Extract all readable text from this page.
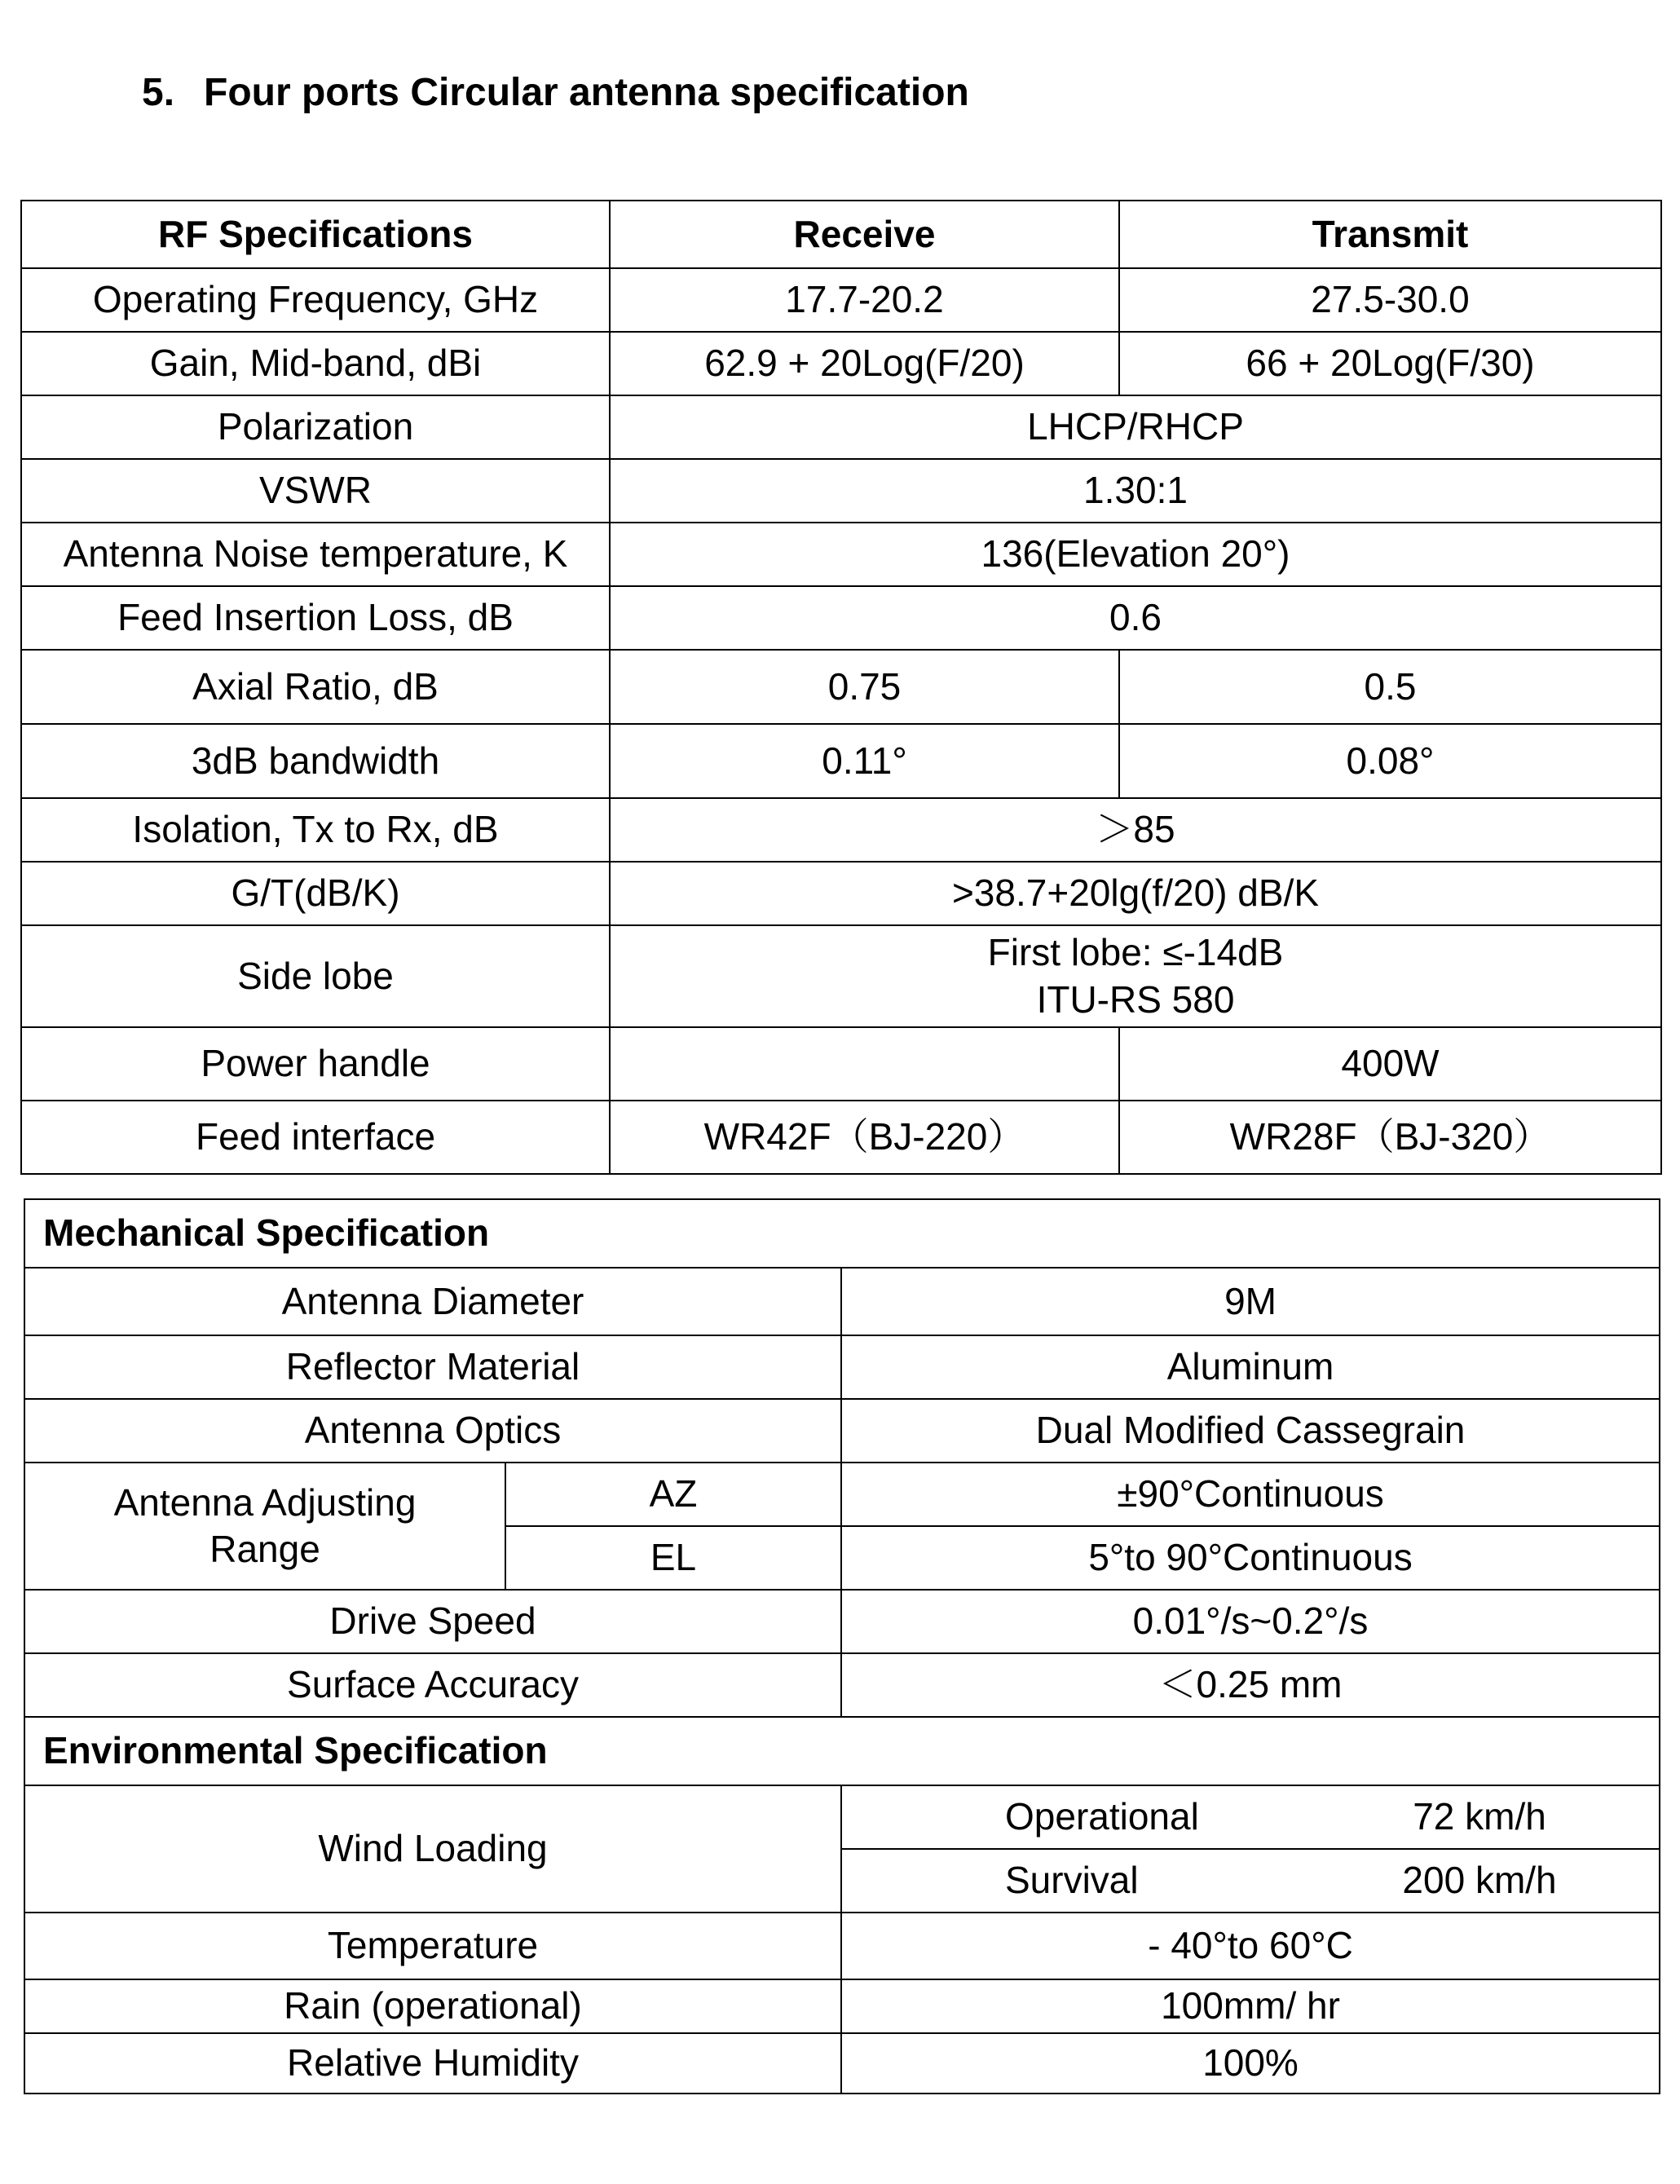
5. Four ports Circular antenna specification
RF Specifications	Receive	Transmit
Operating Frequency, GHz	17.7-20.2	27.5-30.0
Gain, Mid-band, dBi	62.9 + 20Log(F/20)	66 + 20Log(F/30)
Polarization	LHCP/RHCP	
VSWR	1.30:1	
Antenna Noise temperature, K	136(Elevation 20°)	
Feed Insertion Loss, dB	0.6	
Axial Ratio, dB	0.75	0.5
3dB bandwidth	0.11°	0.08°
Isolation, Tx to Rx, dB	＞85	
G/T(dB/K)	>38.7+20lg(f/20) dB/K	
Side lobe	First lobe: ≤-14dB
ITU-RS 580	

Power handle		400W
Feed interface	WR42F（BJ-220）	WR28F（BJ-320）
Mechanical Specification		
Antenna Diameter		9M
Reflector Material		Aluminum
Antenna Optics		Dual Modified Cassegrain

Antenna Adjusting
Range	AZ	±90°Continuous
	EL	5°to 90°Continuous
Drive Speed		0.01°/s~0.2°/s
Surface Accuracy		＜0.25 mm
Environmental Specification		
Wind Loading		Operational 72 km/h

		Survival 200 km/h

Temperature		- 40°to 60°C
Rain (operational)		100mm/ hr
Relative Humidity		100%
